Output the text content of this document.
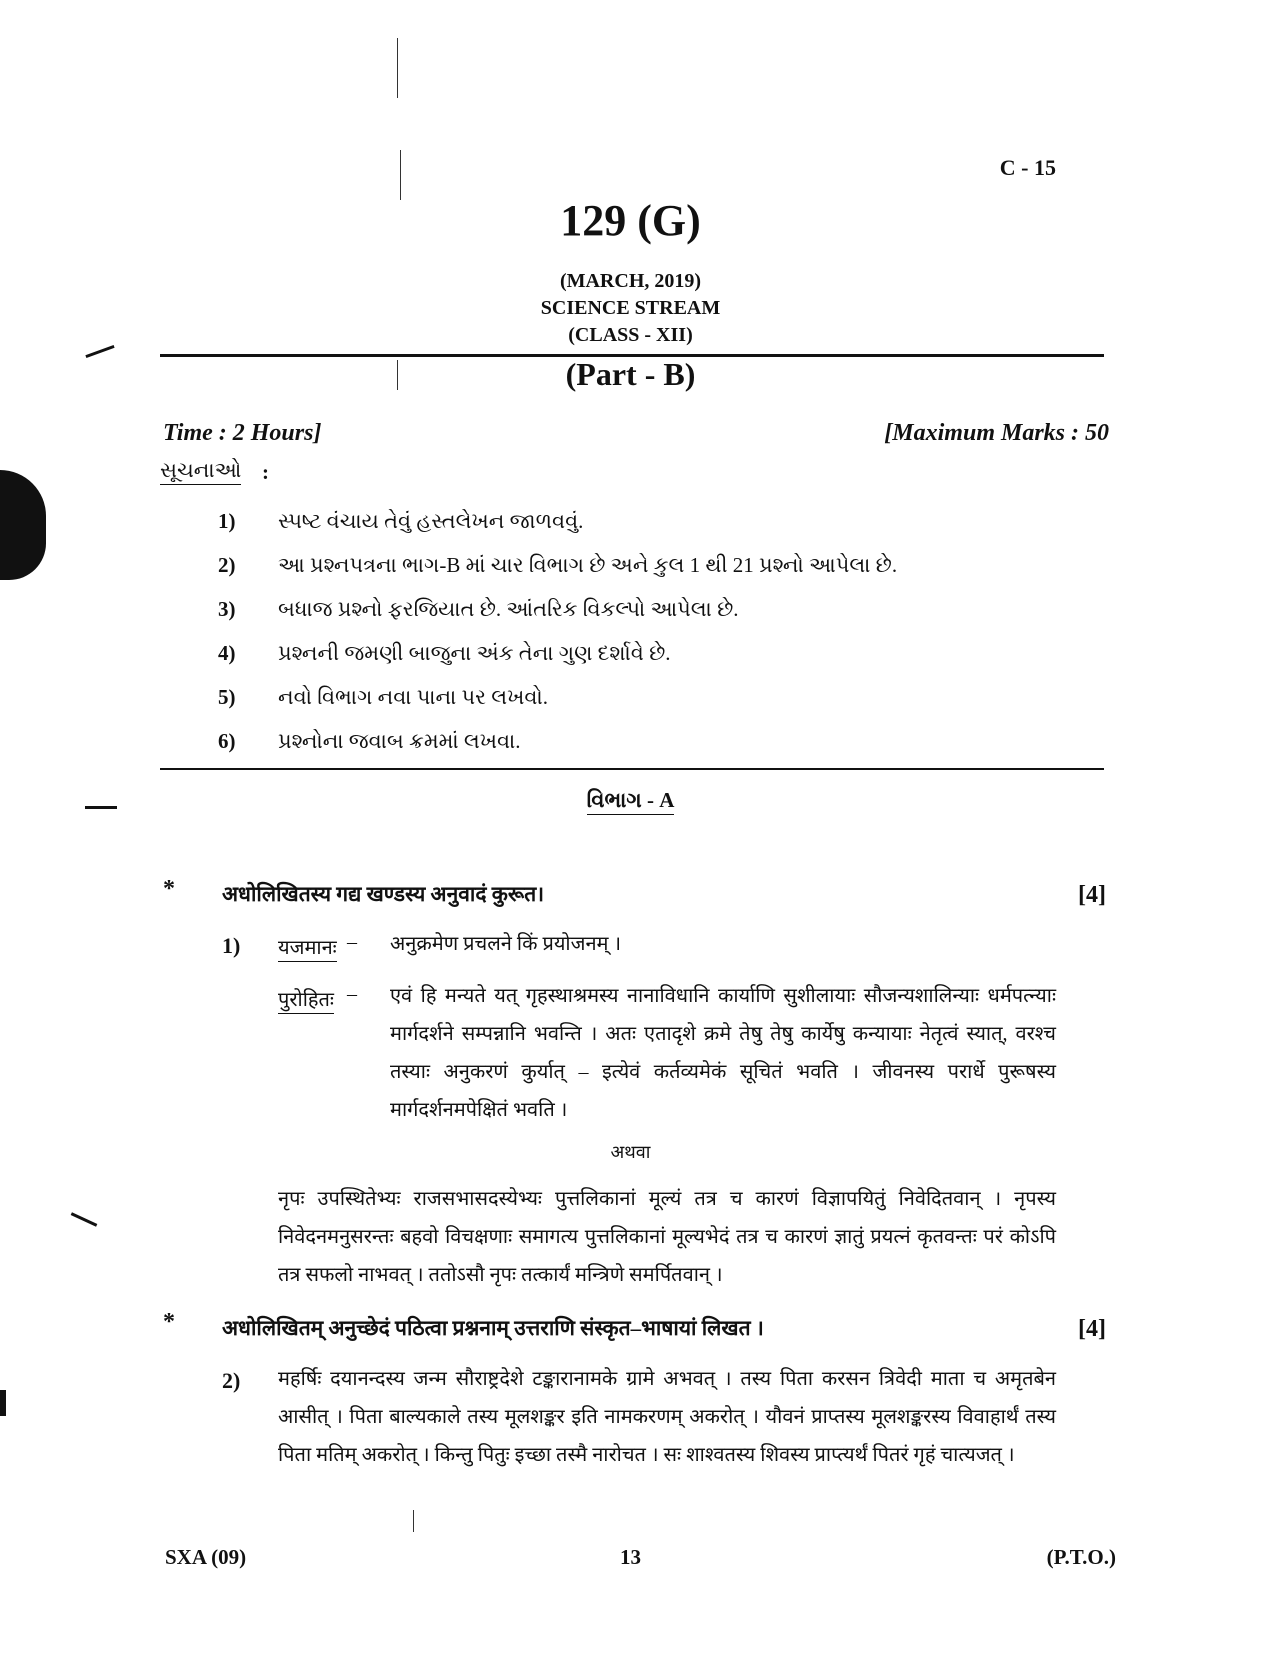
C - 15
129 (G)
(MARCH, 2019)
SCIENCE STREAM
(CLASS - XII)
(Part - B)
Time : 2 Hours]	[Maximum Marks : 50
સૂચનાઓ :
1) સ્પષ્ટ વંચાય તેવું હસ્તલેખન જાળવવું.
2) આ પ્રશ્નપત્રના ભાગ-B માં ચાર વિભાગ છે અને કુલ 1 થી 21 પ્રશ્નો આપેલા છે.
3) બધાજ પ્રશ્નો ફરજિયાત છે. આંતરિક વિકલ્પો આપેલા છે.
4) પ્રશ્નની જમણી બાજુના અંક તેના ગુણ દર્શાવે છે.
5) નવો વિભાગ નવા પાના પર લખવો.
6) પ્રશ્નોના જવાબ ક્રમમાં લખવા.
વિભાગ - A
* अधोलिखितस्य गद्य खण्डस्य अनुवादं कुरूत।	[4]
1) यजमानः – अनुक्रमेण प्रचलने किं प्रयोजनम् ।
पुरोहितः – एवं हि मन्यते यत् गृहस्थाश्रमस्य नानाविधानि कार्याणि सुशीलायाः सौजन्यशालिन्याः धर्मपत्न्याः मार्गदर्शने सम्पन्नानि भवन्ति । अतः एतादृशे क्रमे तेषु तेषु कार्येषु कन्यायाः नेतृत्वं स्यात्, वरश्च तस्याः अनुकरणं कुर्यात् – इत्येवं कर्तव्यमेकं सूचितं भवति । जीवनस्य परार्धे पुरूषस्य मार्गदर्शनमपेक्षितं भवति ।
अथवा
नृपः उपस्थितेभ्यः राजसभासदस्येभ्यः पुत्तलिकानां मूल्यं तत्र च कारणं विज्ञापयितुं निवेदितवान् । नृपस्य निवेदनमनुसरन्तः बहवो विचक्षणाः समागत्य पुत्तलिकानां मूल्यभेदं तत्र च कारणं ज्ञातुं प्रयत्नं कृतवन्तः परं कोऽपि तत्र सफलो नाभवत् । ततोऽसौ नृपः तत्कार्यं मन्त्रिणे समर्पितवान् ।
* अधोलिखितम् अनुच्छेदं पठित्वा प्रश्ननाम् उत्तराणि संस्कृत–भाषायां लिखत ।	[4]
2) महर्षिः दयानन्दस्य जन्म सौराष्ट्रदेशे टङ्कारानामके ग्रामे अभवत् । तस्य पिता करसन त्रिवेदी माता च अमृतबेन आसीत् । पिता बाल्यकाले तस्य मूलशङ्कर इति नामकरणम् अकरोत् । यौवनं प्राप्तस्य मूलशङ्करस्य विवाहार्थं तस्य पिता मतिम् अकरोत् । किन्तु पितुः इच्छा तस्मै नारोचत । सः शाश्वतस्य शिवस्य प्राप्त्यर्थं पितरं गृहं चात्यजत् ।
SXA (09)	13	(P.T.O.)
